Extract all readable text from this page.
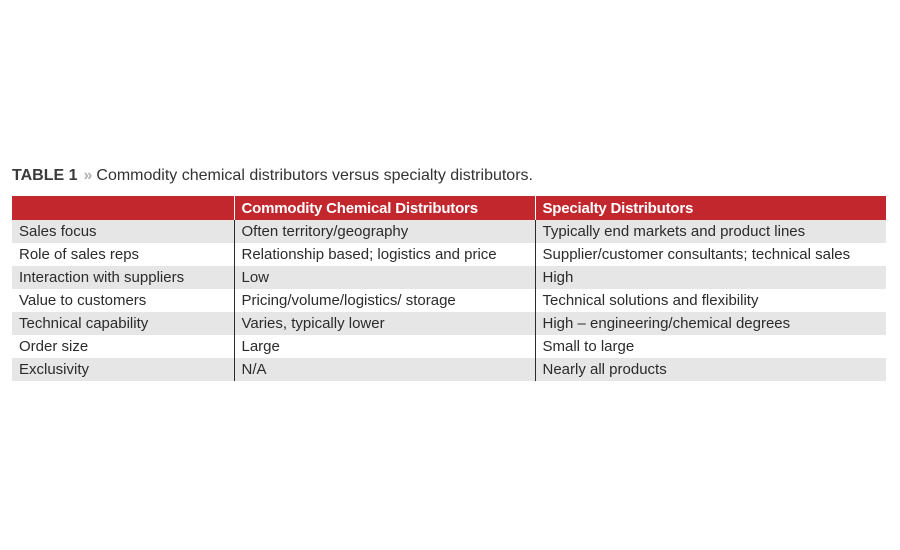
TABLE 1 » Commodity chemical distributors versus specialty distributors.
	Commodity Chemical Distributors	Specialty Distributors
Sales focus	Often territory/geography	Typically end markets and product lines
Role of sales reps	Relationship based; logistics and price	Supplier/customer consultants; technical sales
Interaction with suppliers	Low	High
Value to customers	Pricing/volume/logistics/ storage	Technical solutions and flexibility
Technical capability	Varies, typically lower	High – engineering/chemical degrees
Order size	Large	Small to large
Exclusivity	N/A	Nearly all products
